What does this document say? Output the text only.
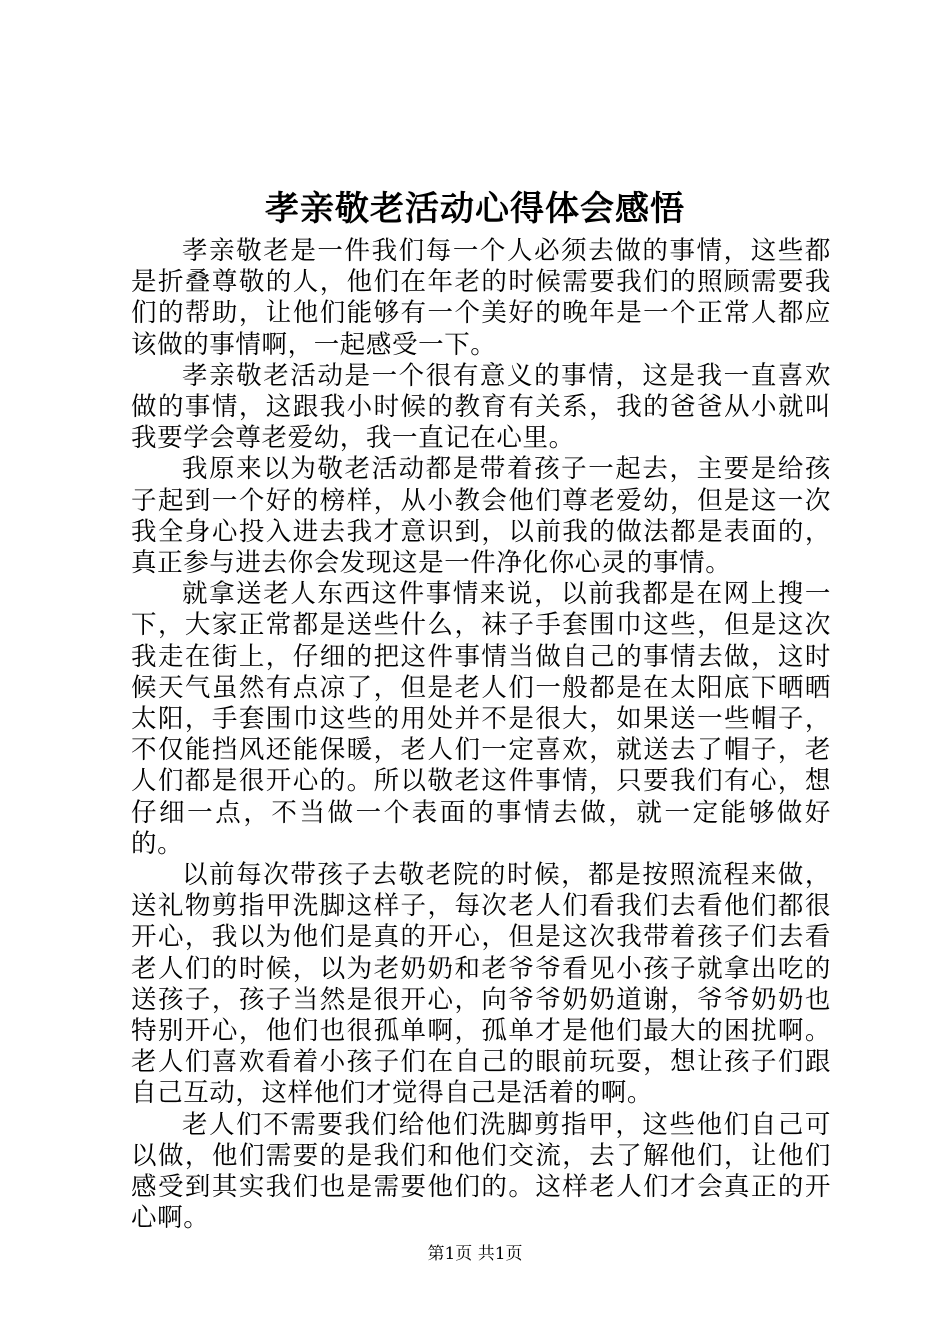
孝亲敬老活动心得体会感悟

孝亲敬老是一件我们每一个人必须去做的事情，这些都是折叠尊敬的人，他们在年老的时候需要我们的照顾需要我们的帮助，让他们能够有一个美好的晚年是一个正常人都应该做的事情啊，一起感受一下。

孝亲敬老活动是一个很有意义的事情，这是我一直喜欢做的事情，这跟我小时候的教育有关系，我的爸爸从小就叫我要学会尊老爱幼，我一直记在心里。

我原来以为敬老活动都是带着孩子一起去，主要是给孩子起到一个好的榜样，从小教会他们尊老爱幼，但是这一次我全身心投入进去我才意识到，以前我的做法都是表面的，真正参与进去你会发现这是一件净化你心灵的事情。

就拿送老人东西这件事情来说，以前我都是在网上搜一下，大家正常都是送些什么，袜子手套围巾这些，但是这次我走在街上，仔细的把这件事情当做自己的事情去做，这时候天气虽然有点凉了，但是老人们一般都是在太阳底下晒晒太阳，手套围巾这些的用处并不是很大，如果送一些帽子，不仅能挡风还能保暖，老人们一定喜欢，就送去了帽子，老人们都是很开心的。所以敬老这件事情，只要我们有心，想仔细一点，不当做一个表面的事情去做，就一定能够做好的。

以前每次带孩子去敬老院的时候，都是按照流程来做，送礼物剪指甲洗脚这样子，每次老人们看我们去看他们都很开心，我以为他们是真的开心，但是这次我带着孩子们去看老人们的时候，以为老奶奶和老爷爷看见小孩子就拿出吃的送孩子，孩子当然是很开心，向爷爷奶奶道谢，爷爷奶奶也特别开心，他们也很孤单啊，孤单才是他们最大的困扰啊。老人们喜欢看着小孩子们在自己的眼前玩耍，想让孩子们跟自己互动，这样他们才觉得自己是活着的啊。

老人们不需要我们给他们洗脚剪指甲，这些他们自己可以做，他们需要的是我们和他们交流，去了解他们，让他们感受到其实我们也是需要他们的。这样老人们才会真正的开心啊。

第1页 共1页
